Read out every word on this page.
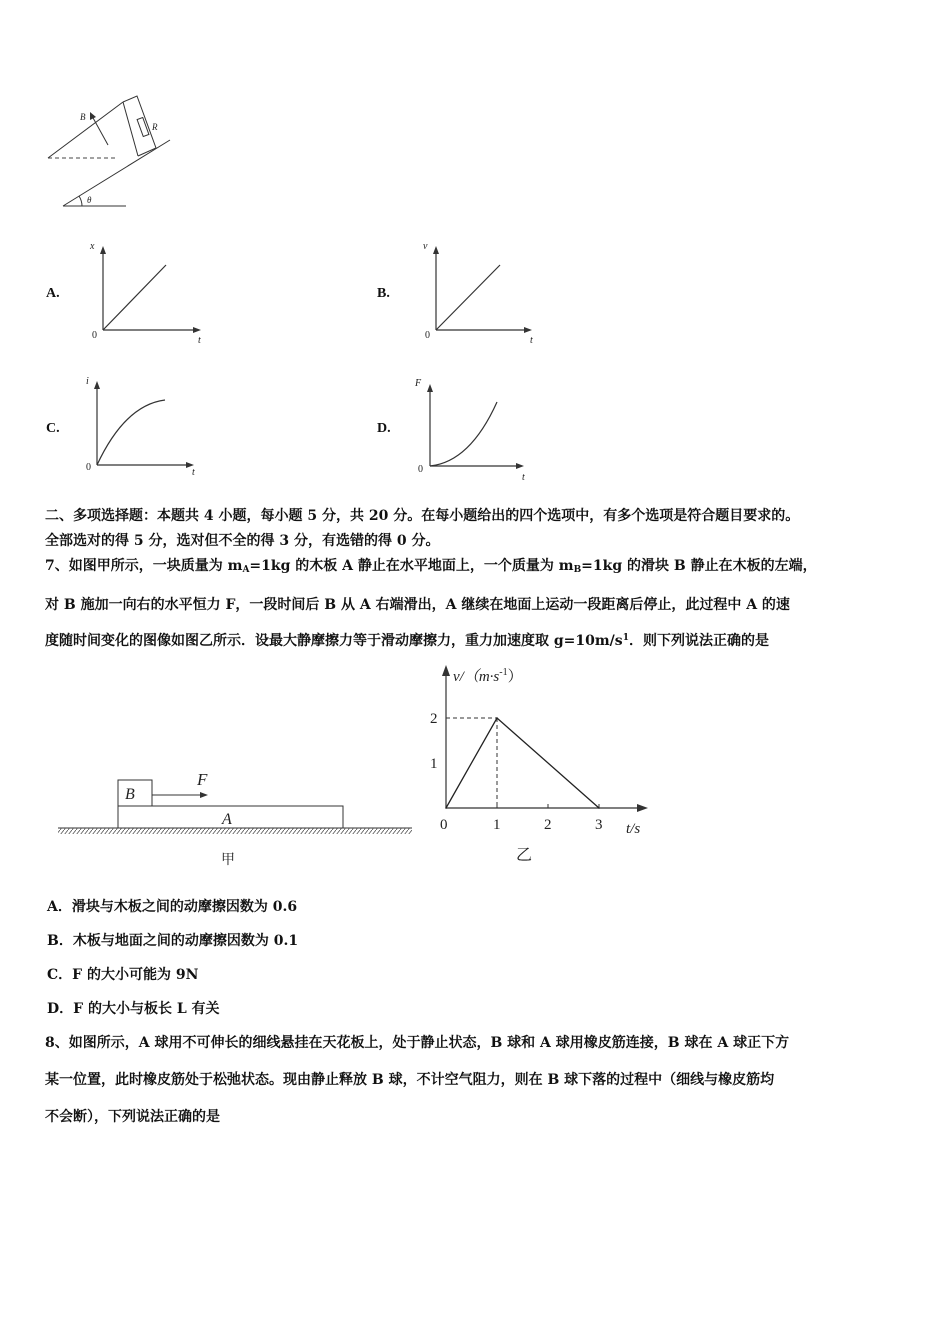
θ
R
B
A.
x
t
0
B.
v
t
0
C.
i
t
0
D.
F
t
0
二、多项选择题：本题共 4 小题，每小题 5 分，共 20 分。在每小题给出的四个选项中，有多个选项是符合题目要求的。
全部选对的得 5 分，选对但不全的得 3 分，有选错的得 0 分。
7、如图甲所示，一块质量为 $m_A=1kg$ 的木板 A 静止在水平地面上，一个质量为 $m_B=1kg$ 的滑块 B 静止在木板的左端，
对 B 施加一向右的水平恒力 F，一段时间后 B 从 A 右端滑出，A 继续在地面上运动一段距离后停止，此过程中 A 的速
度随时间变化的图像如图乙所示．设最大静摩擦力等于滑动摩擦力，重力加速度取 $g=10m/s^1$．则下列说法正确的是
A
B
F
甲
$v/(m\cdot s^{-1})$
t/s
0
乙
1	2	3
1
2
A．滑块与木板之间的动摩擦因数为 0.6
B．木板与地面之间的动摩擦因数为 0.1
C．F 的大小可能为 9N
D．F 的大小与板长 L 有关
8、如图所示，A 球用不可伸长的细线悬挂在天花板上，处于静止状态，B 球和 A 球用橡皮筋连接，B 球在 A 球正下方
某一位置，此时橡皮筋处于松弛状态。现由静止释放 B 球，不计空气阻力，则在 B 球下落的过程中（细线与橡皮筋均
不会断），下列说法正确的是
